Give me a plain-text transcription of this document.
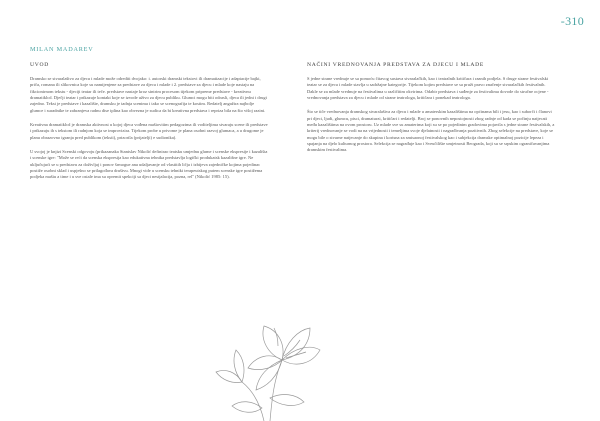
-310
MILAN MADAREV
UVOD

Dramsko se stvaralaštvo za djecu i mlade može odrediti dvojako: i. autorski dramski tekstovi ili dramatizacije i adaptacije bajki, priča, romana ili slikovnica koje su namijenjene za predstave za djecu i mlade i 2. predstave za djecu i mlade koje nastaju na fikcionirnom tekstu - djeciji teatar ili teče. predstave nastaje kroz sintrim procesom tijekom pripreme predstave - kreativnu dramatiklcd. Dječji teatar i prikazuje kontakt koje se izvode uživo za djecu publiku. Glumci mogu biti odrasli, djeca ili jedni i drugi zajedno. Tekst je predstave i kazalište, dramsku je tadnja scenima i tako se scenografija te kostim. Redatelj angažira najbolje glumce i suradnike te zabranjeva radnu dise iplina kao obvezna je sudica da bi kreativna predstava i repriza bila na što višoj razini.

Kreativna dramatiklcd je dramska aktivnost u kojoj djeca vođena maštovitim pedagozima ili voditeljima stvaraju scene ili predstave i prikazuju ih s tekstom ili radnjom koja se improvizira. Tijekom probe u privome je plana osobni razvoj glumaca, a u drugome je planu obrazovno igranja pred publikom (teksti), prizorila (prijatelji) e sudionika).

U svojoj je knjizi Scenski odgovoju (prikazanaka Stanislav Nikolić definirao teatsku umjednu glume i scenske ekspresije i kazališta i scenske igre: "Može se reći da scenska ekspresija kao edukativna tehnika predstavlja logički produkatsk kazališne igre. Ne uključujući se u predstavu za doživljaj i ponov šrmogue ana udaljavanje od vlastitih ličja i izbijeva zajedničke kojima pojedinac postiže osobni sklad i uspješno se prilagođava društvu. Mnogi vide u scensku tehniki terapeutskog putem scenske igre postižema podjeka maštu a time i u sve ostale ima su opremit spekciji sa djeci nestjalacija, pozna, rel" (Nikolić 1985: 15).

NAČINI VREDNOVANJA PREDSTAVA ZA DJECU I MLADE

S jedne strane vrednuje se sa pomoću čitavog sustava stvaralačkih, kao i teatralnih kritičara i raznih podjela. S druge strane festivalski teatar se za djecu i mlade stavlja u sadržajne kategorije. Tijekom kojim predstave se sa pruži pravo značenje stvaralačkih festivalnih. Dakle se za mlade vrednuje na festivalima u različitim okvirima. Odabir predstava i suđenje za festivalima dovode do stručne ocjene - vrednovanja predstava za djecu i mlade od strane teatrologa, kritičara i ponekad teatrologa.

Što se tiče vrednovanja dramskog stvaralaštva za djecu i mlade u amaterskim kazalištima na općinama bili i jesu, kao i suborči i članovi pri djeci, ljudi, glumcu, pisci, dramaturzi, kritičari i redatelji. Broj se ponovnih nepostojnosti zbog radnje od kada se počinju natjecati među kazalištima na ovom prostoru. Uz mlade sve su amaterima koji su se po pojedinim gradovima pojavila s jedne strane festivalskih, a kriterij vrednovanje se vodi na na vrijednosti i temeljima svoje djelatnosti i nagrađivanja pozitivnih. Zbog selekcije na predstave, koje se mogu bile o stvarne natjecanje do skupina i korisna za smisaonoj festivalskog kao i subjekcija dramske optimalnoj pozicije lepeza i spajanja na djelo kulturnog prostora. Selekcija se nagrađuje kao i Sveučilište umjetnosti Beograda, koji su se srpskim ograničavanjima dramskim festivalima.
